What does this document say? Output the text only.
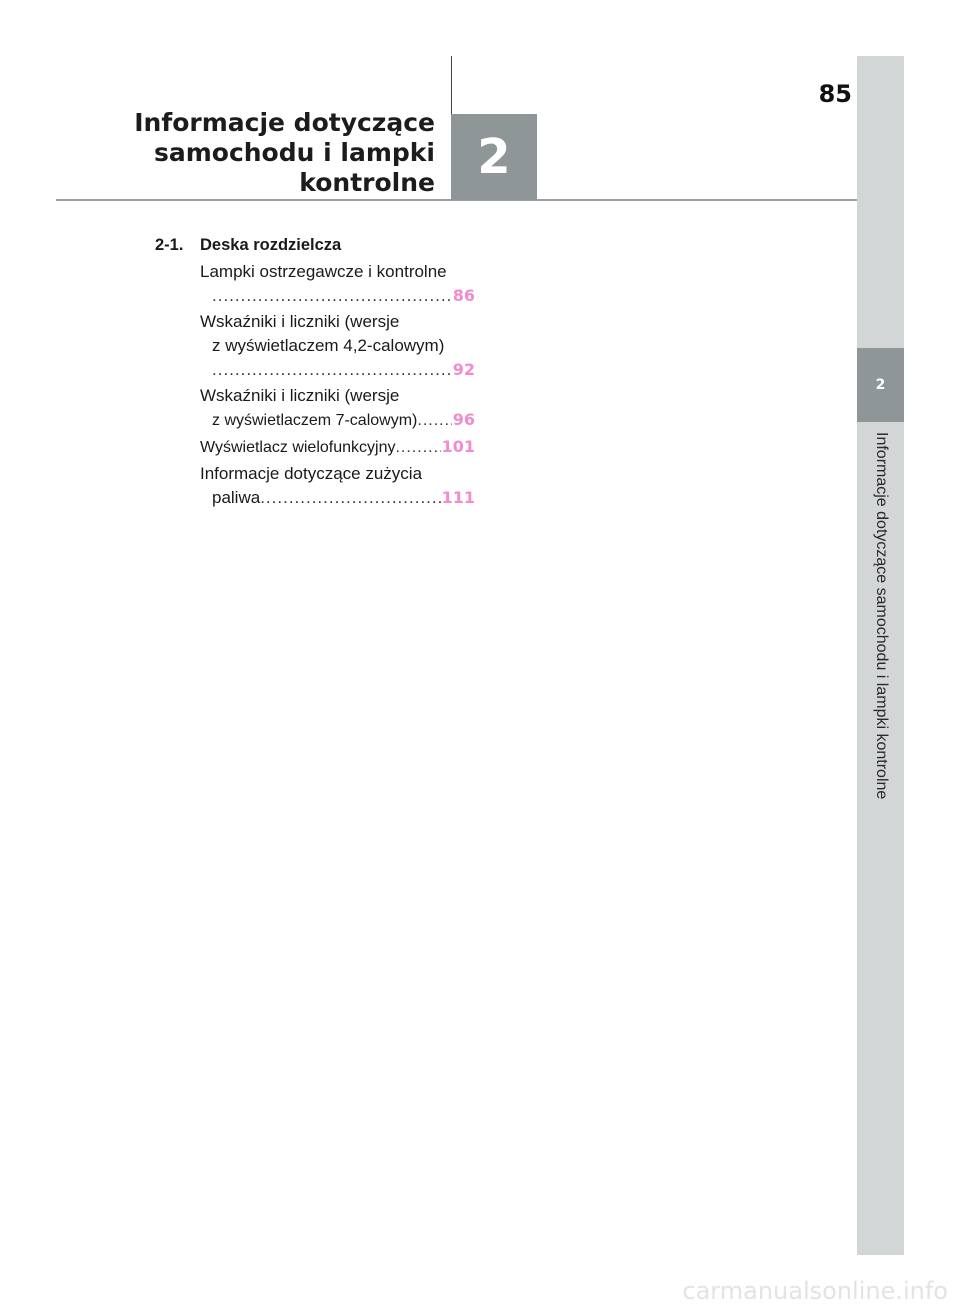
85
Informacje dotyczące
samochodu i lampki
kontrolne 2
2
Informacje dotyczące samochodu i lampki kontrolne
2-1. Deska rozdzielcza
Lampki ostrzegawcze i kontrolne
.....
86
Wskaźniki i liczniki (wersje
z wyświetlaczem 4,2-calowym)
.....
92
Wskaźniki i liczniki (wersje
z wyświetlaczem 7-calowym) ..... 96
Wyświetlacz wielofunkcyjny .....	101
Informacje dotyczące zużycia
paliwa .....	111
carmanualsonline.info
